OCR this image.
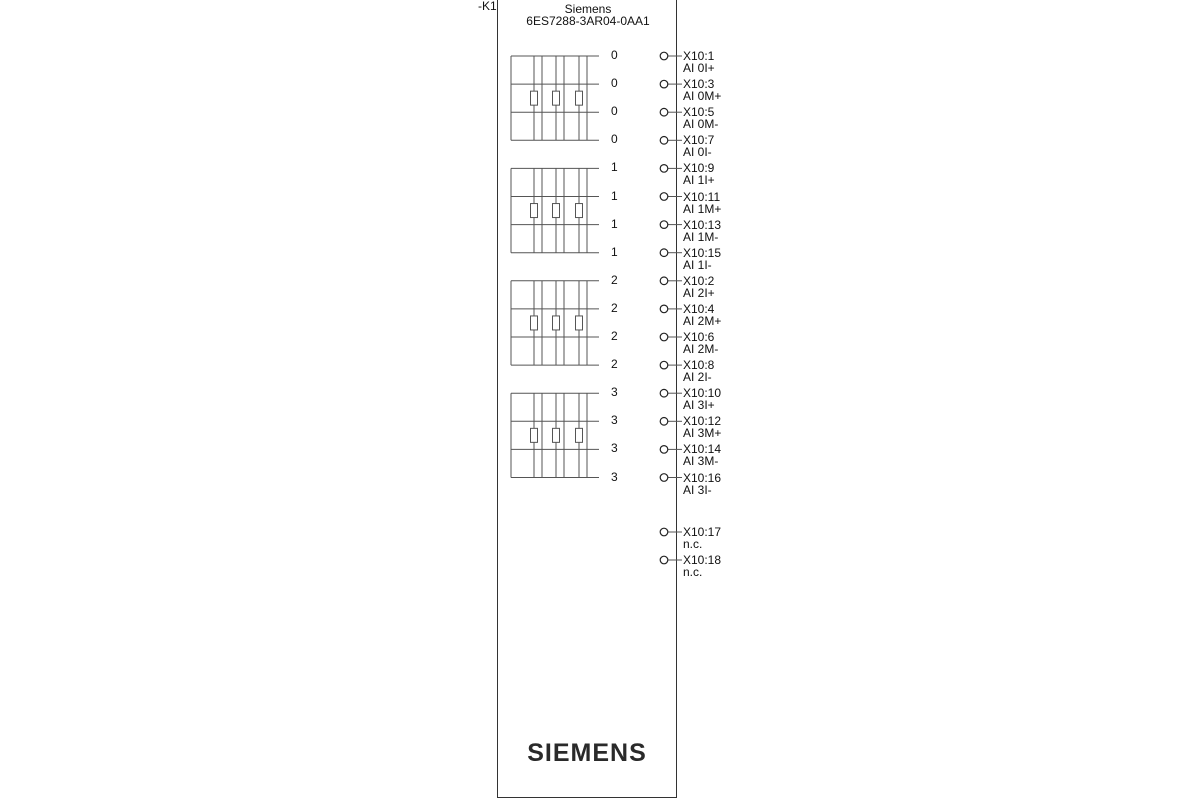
-K1	Siemens
6ES7288-3AR04-0AA1
0	X10:1
AI 0I+
0	X10:3
AI 0M+
0	X10:5
AI 0M-
0	X10:7
AI 0I-
1	X10:9
AI 1I+
1	X10:11
AI 1M+
1	X10:13
AI 1M-
1	X10:15
AI 1I-
2	X10:2
AI 2I+
2	X10:4
AI 2M+
2	X10:6
AI 2M-
2	X10:8
AI 2I-
3	X10:10
AI 3I+
3	X10:12
AI 3M+
3	X10:14
AI 3M-
3	X10:16
AI 3I-
X10:17
n.c.
X10:18
n.c.
SIEMENS
